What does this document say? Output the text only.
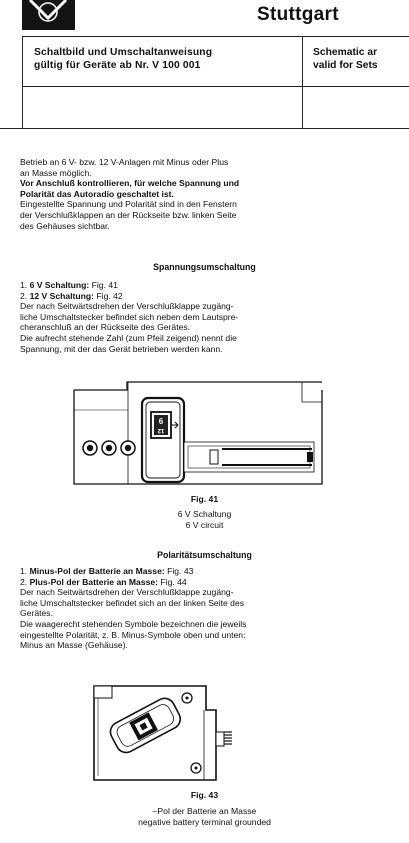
Stuttgart
Schaltbild und Umschaltanweisung
gültig für Geräte ab Nr. V 100 001
Schematic ar
valid for Sets

Betrieb an 6 V- bzw. 12 V-Anlagen mit Minus oder Plus

an Masse möglich.

Vor Anschluß kontrollieren, für welche Spannung und

Polarität das Autoradio geschaltet ist.

Eingestellte Spannung und Polarität sind in den Fenstern

der Verschlußklappen an der Rückseite bzw. linken Seite

des Gehäuses sichtbar.

Spannungsumschaltung

1. 6 V Schaltung: Fig. 41

2. 12 V Schaltung: Fig. 42

Der nach Seitwärtsdrehen der Verschlußklappe zugäng-

liche Umschaltstecker befindet sich neben dem Lautspre-

cheranschluß an der Rückseite des Gerätes.

Die aufrecht stehende Zahl (zum Pfeil zeigend) nennt die

Spannung, mit der das Gerät betrieben werden kann.

6
12
Fig. 41

6 V Schaltung

6 V circuit

Polaritätsumschaltung

1. Minus-Pol der Batterie an Masse: Fig. 43

2. Plus-Pol der Batterie an Masse: Fig. 44

Der nach Seitwärtsdrehen der Verschlußklappe zugäng-

liche Umschaltstecker befindet sich an der linken Seite des

Gerätes.

Die waagerecht stehenden Symbole bezeichnen die jeweils

eingestellte Polarität, z. B. Minus-Symbole oben und unten:

Minus an Masse (Gehäuse).

Fig. 43

–Pol der Batterie an Masse

negative battery terminal grounded
